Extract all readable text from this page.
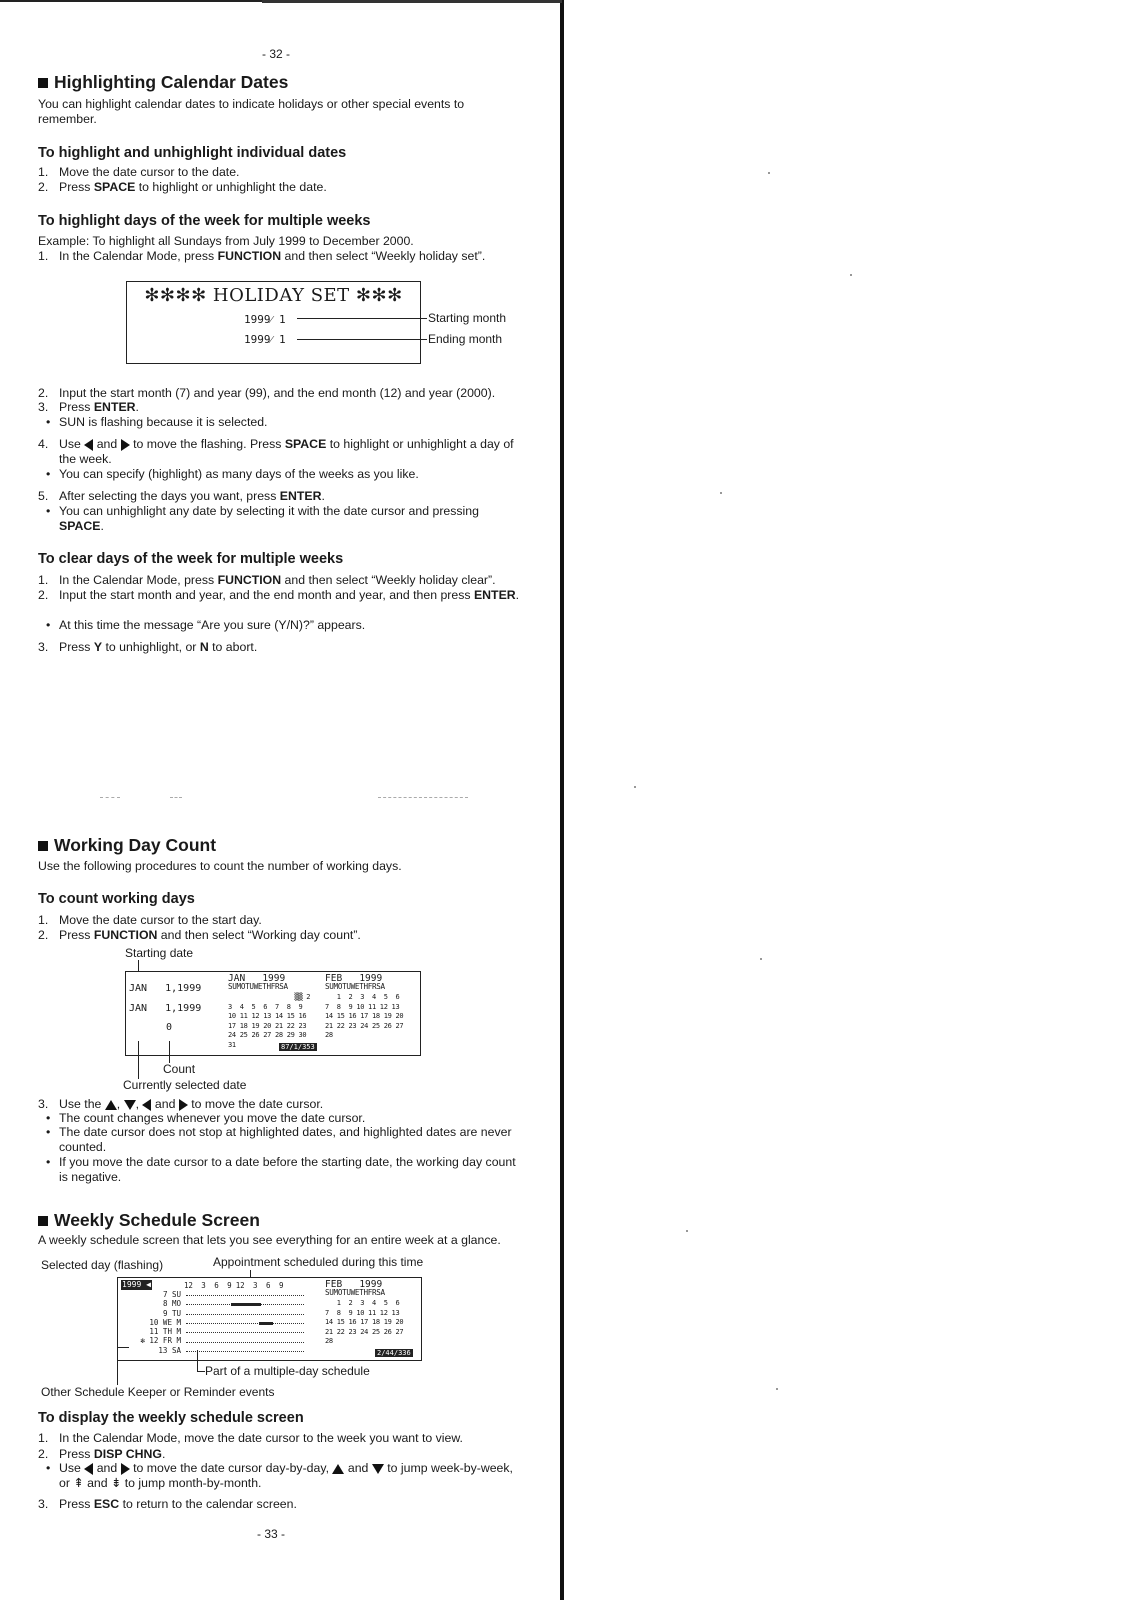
- 32 -
Highlighting Calendar Dates
You can highlight calendar dates to indicate holidays or other special events to remember.
To highlight and unhighlight individual dates
1. Move the date cursor to the date.
2. Press SPACE to highlight or unhighlight the date.
To highlight days of the week for multiple weeks
Example: To highlight all Sundays from July 1999 to December 2000.
1. In the Calendar Mode, press FUNCTION and then select “Weekly holiday set”.
✻✻✻✻ HOLIDAY SET ✻✻✻
1999⁄ 1
1999⁄ 1
Starting month
Ending month
2. Input the start month (7) and year (99), and the end month (12) and year (2000).
3. Press ENTER.
• SUN is flashing because it is selected.
4. Use  and  to move the flashing. Press SPACE to highlight or unhighlight a day of the week.
• You can specify (highlight) as many days of the weeks as you like.
5. After selecting the days you want, press ENTER.
• You can unhighlight any date by selecting it with the date cursor and pressing SPACE.
To clear days of the week for multiple weeks
1. In the Calendar Mode, press FUNCTION and then select “Weekly holiday clear”.
2. Input the start month and year, and the end month and year, and then press ENTER.
• At this time the message “Are you sure (Y/N)?” appears.
3. Press Y to unhighlight, or N to abort.
Working Day Count
Use the following procedures to count the number of working days.
To count working days
1. Move the date cursor to the start day.
2. Press FUNCTION and then select “Working day count”.
Starting date
JAN   1,1999
JAN   1,1999
0
JAN   1999
SUMOTUWETHFRSA
▒▒ 2
3  4  5  6  7  8  9
10 11 12 13 14 15 16
17 18 19 20 21 22 23
24 25 26 27 28 29 30
31
FEB   1999
SUMOTUWETHFRSA
1  2  3  4  5  6
7  8  9 10 11 12 13
14 15 16 17 18 19 20
21 22 23 24 25 26 27
28
87/1/353
Count
Currently selected date
3. Use the , ,  and  to move the date cursor.
• The count changes whenever you move the date cursor.
• The date cursor does not stop at highlighted dates, and highlighted dates are never counted.
• If you move the date cursor to a date before the starting date, the working day count is negative.
Weekly Schedule Screen
A weekly schedule screen that lets you see everything for an entire week at a glance.
Selected day (flashing)	Appointment scheduled during this time
1999 ◀	12  3  6  9 12  3  6  9
7 SU
8 MO
9 TU
10 WE M
11 TH M
✻ 12 FR M
13 SA
FEB   1999
SUMOTUWETHFRSA
1  2  3  4  5  6
7  8  9 10 11 12 13
14 15 16 17 18 19 20
21 22 23 24 25 26 27
28
2/44/336
Part of a multiple-day schedule
Other Schedule Keeper or Reminder events
To display the weekly schedule screen
1. In the Calendar Mode, move the date cursor to the week you want to view.
2. Press DISP CHNG.
• Use  and  to move the date cursor day-by-day,  and  to jump week-by-week, or ⇞ and ⇟ to jump month-by-month.
3. Press ESC to return to the calendar screen.
- 33 -
